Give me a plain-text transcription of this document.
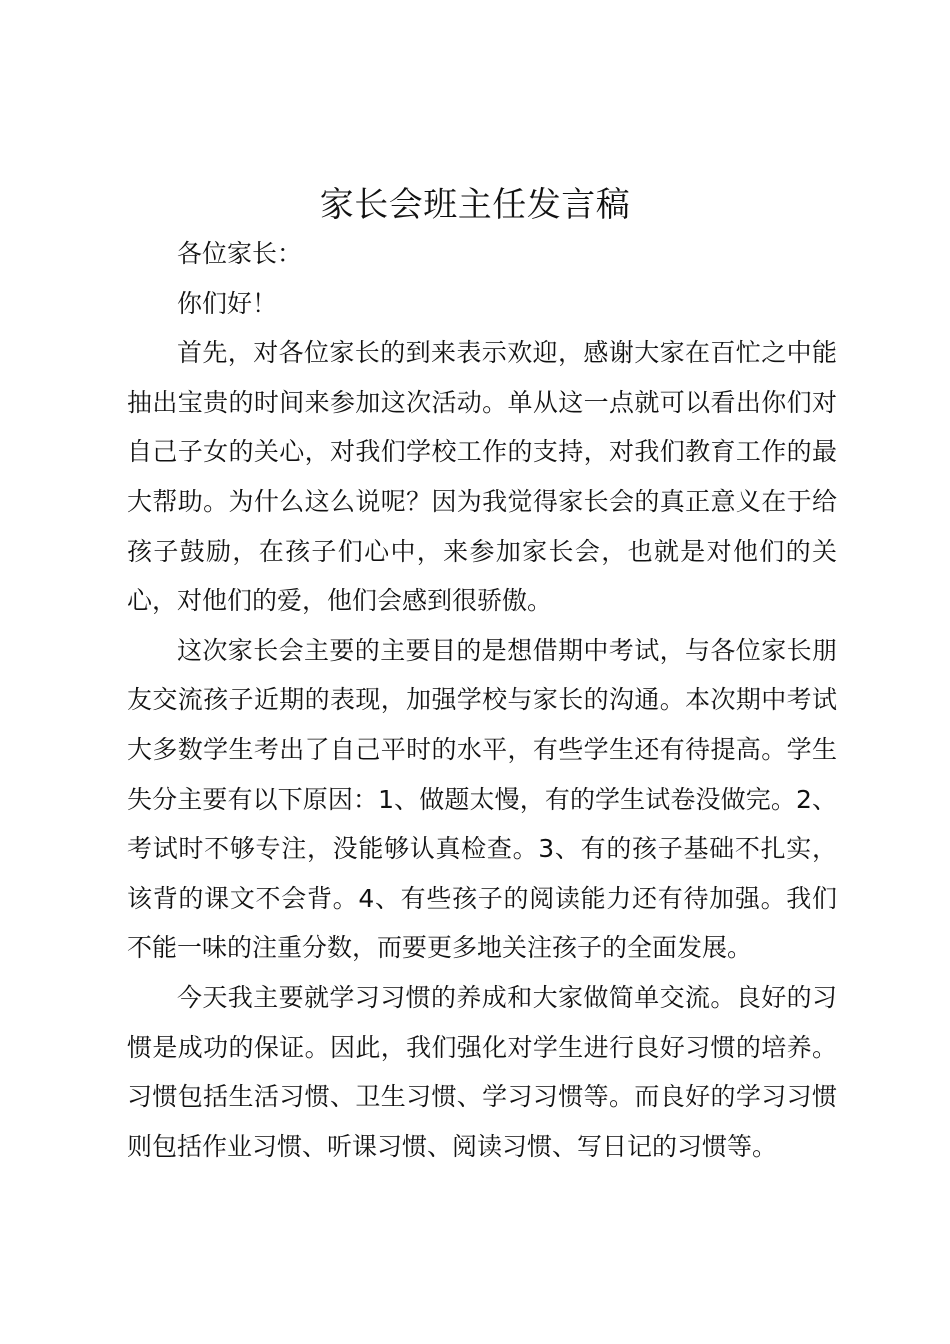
家长会班主任发言稿

各位家长：

你们好！

首先，对各位家长的到来表示欢迎，感谢大家在百忙之中能抽出宝贵的时间来参加这次活动。单从这一点就可以看出你们对自己子女的关心，对我们学校工作的支持，对我们教育工作的最大帮助。为什么这么说呢？因为我觉得家长会的真正意义在于给孩子鼓励，在孩子们心中，来参加家长会，也就是对他们的关心，对他们的爱，他们会感到很骄傲。

这次家长会主要的主要目的是想借期中考试，与各位家长朋友交流孩子近期的表现，加强学校与家长的沟通。本次期中考试大多数学生考出了自己平时的水平，有些学生还有待提高。学生失分主要有以下原因：1、做题太慢，有的学生试卷没做完。2、考试时不够专注，没能够认真检查。3、有的孩子基础不扎实，该背的课文不会背。4、有些孩子的阅读能力还有待加强。我们不能一味的注重分数，而要更多地关注孩子的全面发展。

今天我主要就学习习惯的养成和大家做简单交流。良好的习惯是成功的保证。因此，我们强化对学生进行良好习惯的培养。习惯包括生活习惯、卫生习惯、学习习惯等。而良好的学习习惯则包括作业习惯、听课习惯、阅读习惯、写日记的习惯等。
